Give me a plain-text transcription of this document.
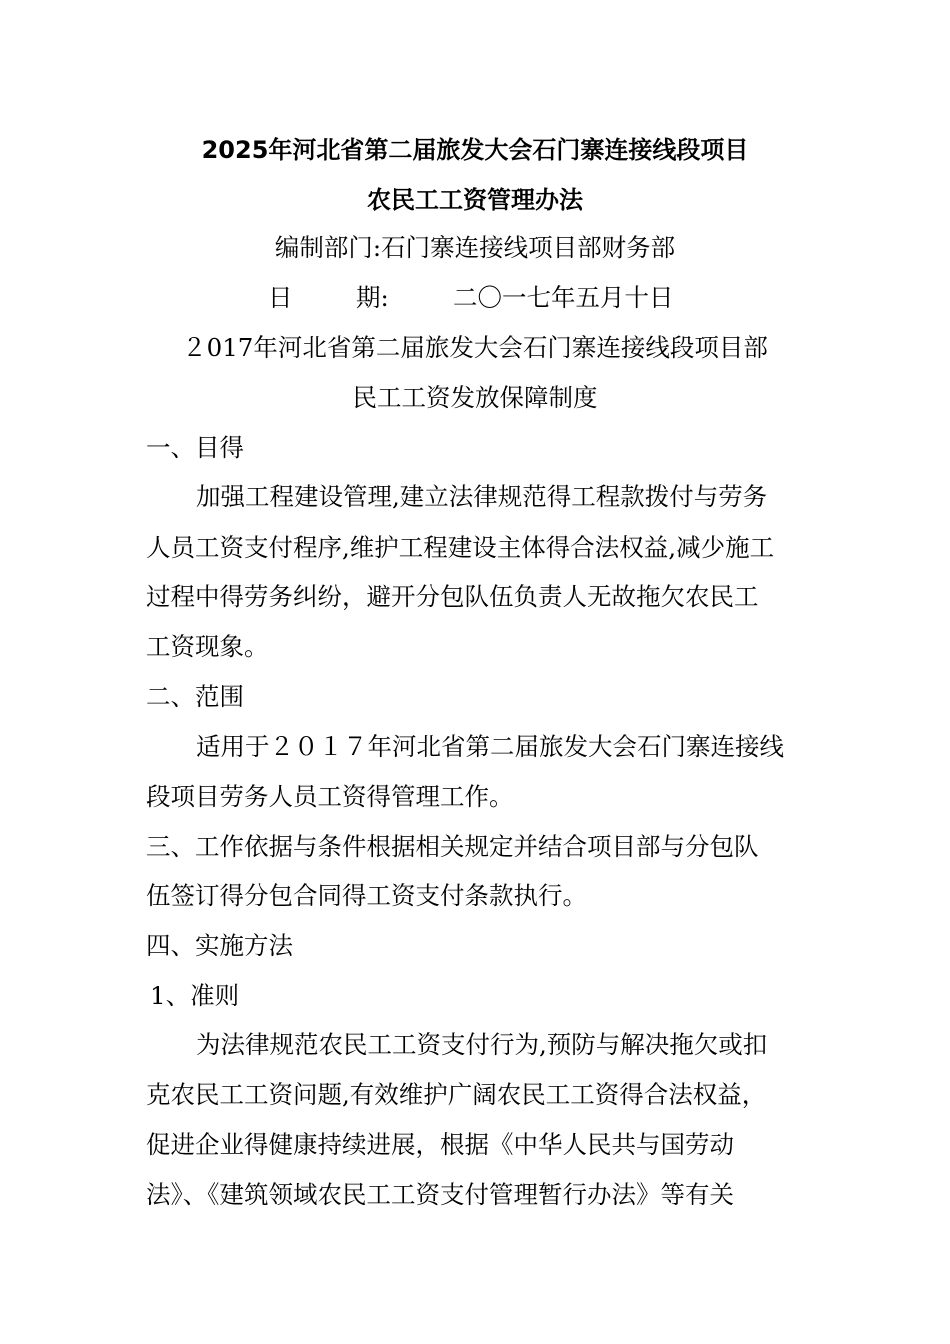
2025年河北省第二届旅发大会石门寨连接线段项目
农民工工资管理办法
编制部门:石门寨连接线项目部财务部
日	期:	二〇一七年五月十日
２017年河北省第二届旅发大会石门寨连接线段项目部
民工工资发放保障制度
一、目得
加强工程建设管理,建立法律规范得工程款拨付与劳务
人员工资支付程序,维护工程建设主体得合法权益,减少施工
过程中得劳务纠纷，避开分包队伍负责人无故拖欠农民工
工资现象。
二、范围
适用于２０１７年河北省第二届旅发大会石门寨连接线
段项目劳务人员工资得管理工作。
三、工作依据与条件根据相关规定并结合项目部与分包队
伍签订得分包合同得工资支付条款执行。
四、实施方法
1、准则
为法律规范农民工工资支付行为,预防与解决拖欠或扣
克农民工工资问题,有效维护广阔农民工工资得合法权益，
促进企业得健康持续进展，根据《中华人民共与国劳动
法》、《建筑领域农民工工资支付管理暂行办法》等有关
